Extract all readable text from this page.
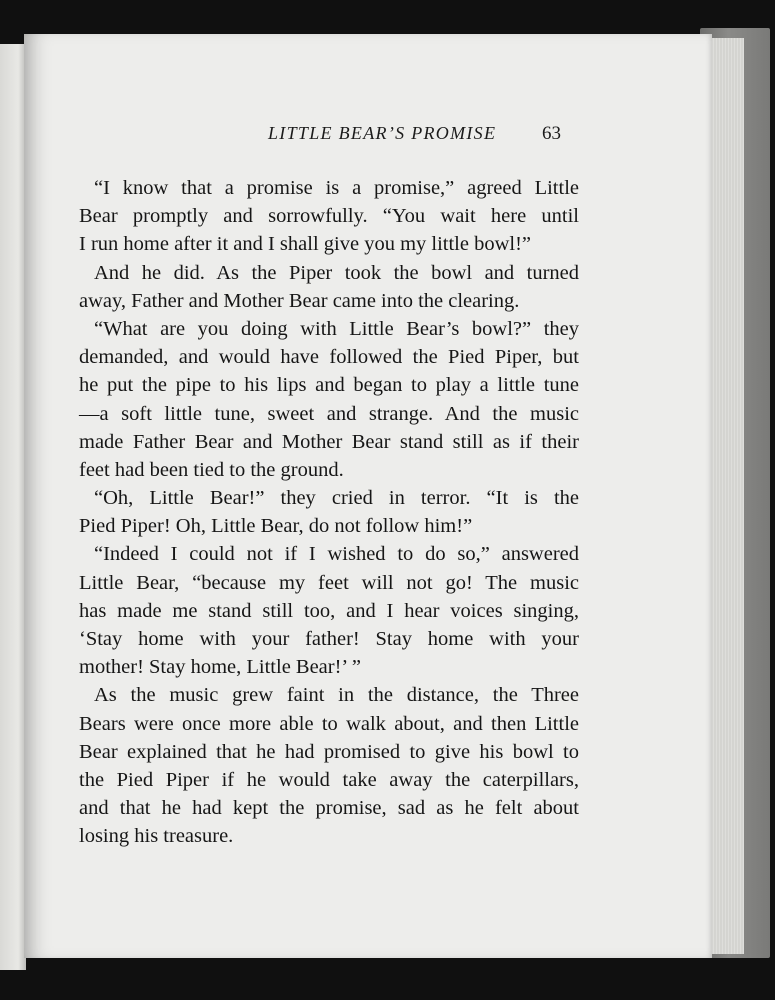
LITTLE BEAR’S PROMISE 63
“I know that a promise is a promise,” agreed Little
Bear promptly and sorrowfully. “You wait here until
I run home after it and I shall give you my little bowl!”
And he did. As the Piper took the bowl and turned
away, Father and Mother Bear came into the clearing.
“What are you doing with Little Bear’s bowl?” they
demanded, and would have followed the Pied Piper, but
he put the pipe to his lips and began to play a little tune
—a soft little tune, sweet and strange. And the music
made Father Bear and Mother Bear stand still as if their
feet had been tied to the ground.
“Oh, Little Bear!” they cried in terror. “It is the
Pied Piper! Oh, Little Bear, do not follow him!”
“Indeed I could not if I wished to do so,” answered
Little Bear, “because my feet will not go! The music
has made me stand still too, and I hear voices singing,
‘Stay home with your father! Stay home with your
mother! Stay home, Little Bear!’ ”
As the music grew faint in the distance, the Three
Bears were once more able to walk about, and then Little
Bear explained that he had promised to give his bowl to
the Pied Piper if he would take away the caterpillars,
and that he had kept the promise, sad as he felt about
losing his treasure.
